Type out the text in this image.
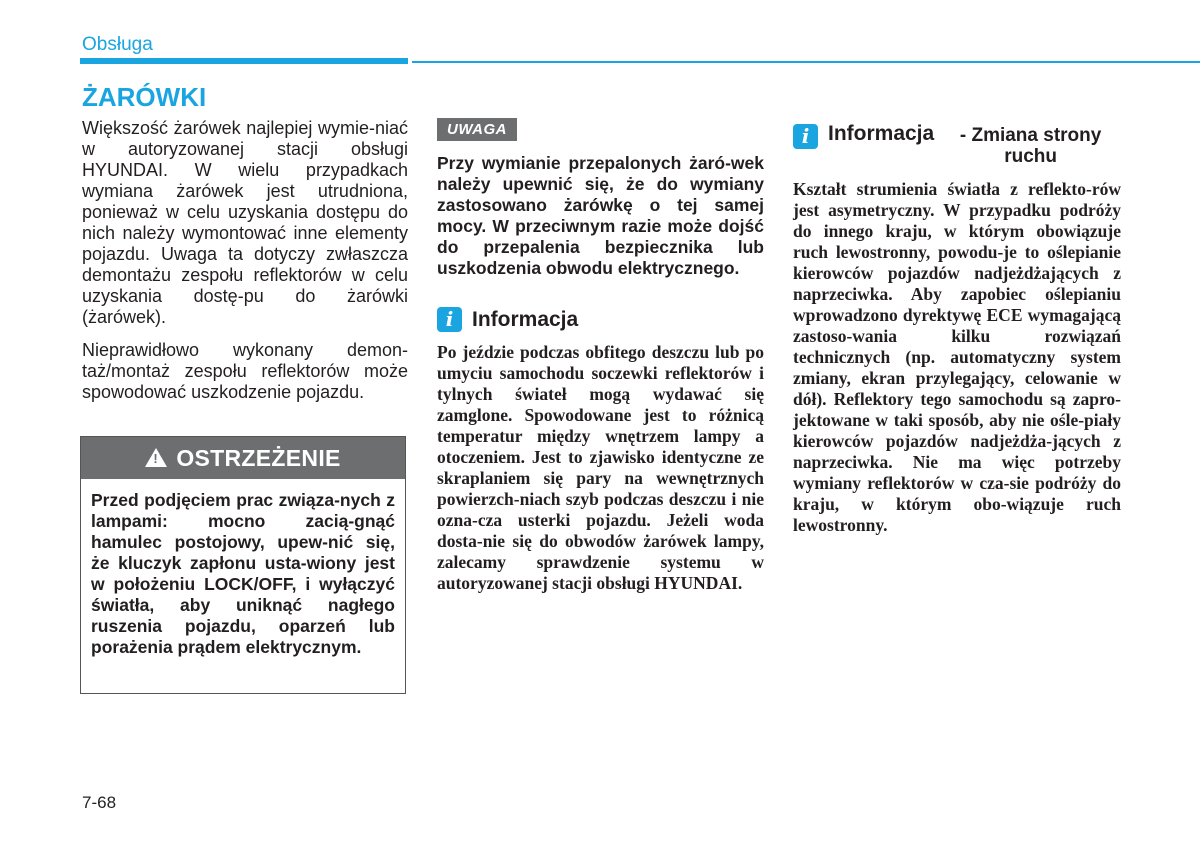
Obsługa
ŻARÓWKI

Większość żarówek najlepiej wymie-niać w autoryzowanej stacji obsługi HYUNDAI. W wielu przypadkach wymiana żarówek jest utrudniona, ponieważ w celu uzyskania dostępu do nich należy wymontować inne elementy pojazdu. Uwaga ta dotyczy zwłaszcza demontażu zespołu reflektorów w celu uzyskania dostę-pu do żarówki (żarówek).

Nieprawidłowo wykonany demon-taż/montaż zespołu reflektorów może spowodować uszkodzenie pojazdu.

!
OSTRZEŻENIE
Przed podjęciem prac związa-nych z lampami: mocno zacią-gnąć hamulec postojowy, upew-nić się, że kluczyk zapłonu usta-wiony jest w położeniu LOCK/OFF, i wyłączyć światła, aby uniknąć nagłego ruszenia pojazdu, oparzeń lub porażenia prądem elektrycznym.
UWAGA
Przy wymianie przepalonych żaró-wek należy upewnić się, że do wymiany zastosowano żarówkę o tej samej mocy. W przeciwnym razie może dojść do przepalenia bezpiecznika lub uszkodzenia obwodu elektrycznego.
i Informacja

Po jeździe podczas obfitego deszczu lub po umyciu samochodu soczewki reflektorów i tylnych świateł mogą wydawać się zamglone. Spowodowane jest to różnicą temperatur między wnętrzem lampy a otoczeniem. Jest to zjawisko identyczne ze skraplaniem się pary na wewnętrznych powierzch-niach szyb podczas deszczu i nie ozna-cza usterki pojazdu. Jeżeli woda dosta-nie się do obwodów żarówek lampy, zalecamy sprawdzenie systemu w autoryzowanej stacji obsługi HYUNDAI.

i Informacja	- Zmiana strony ruchu

Kształt strumienia światła z reflekto-rów jest asymetryczny. W przypadku podróży do innego kraju, w którym obowiązuje ruch lewostronny, powodu-je to oślepianie kierowców pojazdów nadjeżdżających z naprzeciwka. Aby zapobiec oślepianiu wprowadzono dyrektywę ECE wymagającą zastoso-wania kilku rozwiązań technicznych (np. automatyczny system zmiany, ekran przylegający, celowanie w dół). Reflektory tego samochodu są zapro-jektowane w taki sposób, aby nie ośle-piały kierowców pojazdów nadjeżdża-jących z naprzeciwka. Nie ma więc potrzeby wymiany reflektorów w cza-sie podróży do kraju, w którym obo-wiązuje ruch lewostronny.

7-68
